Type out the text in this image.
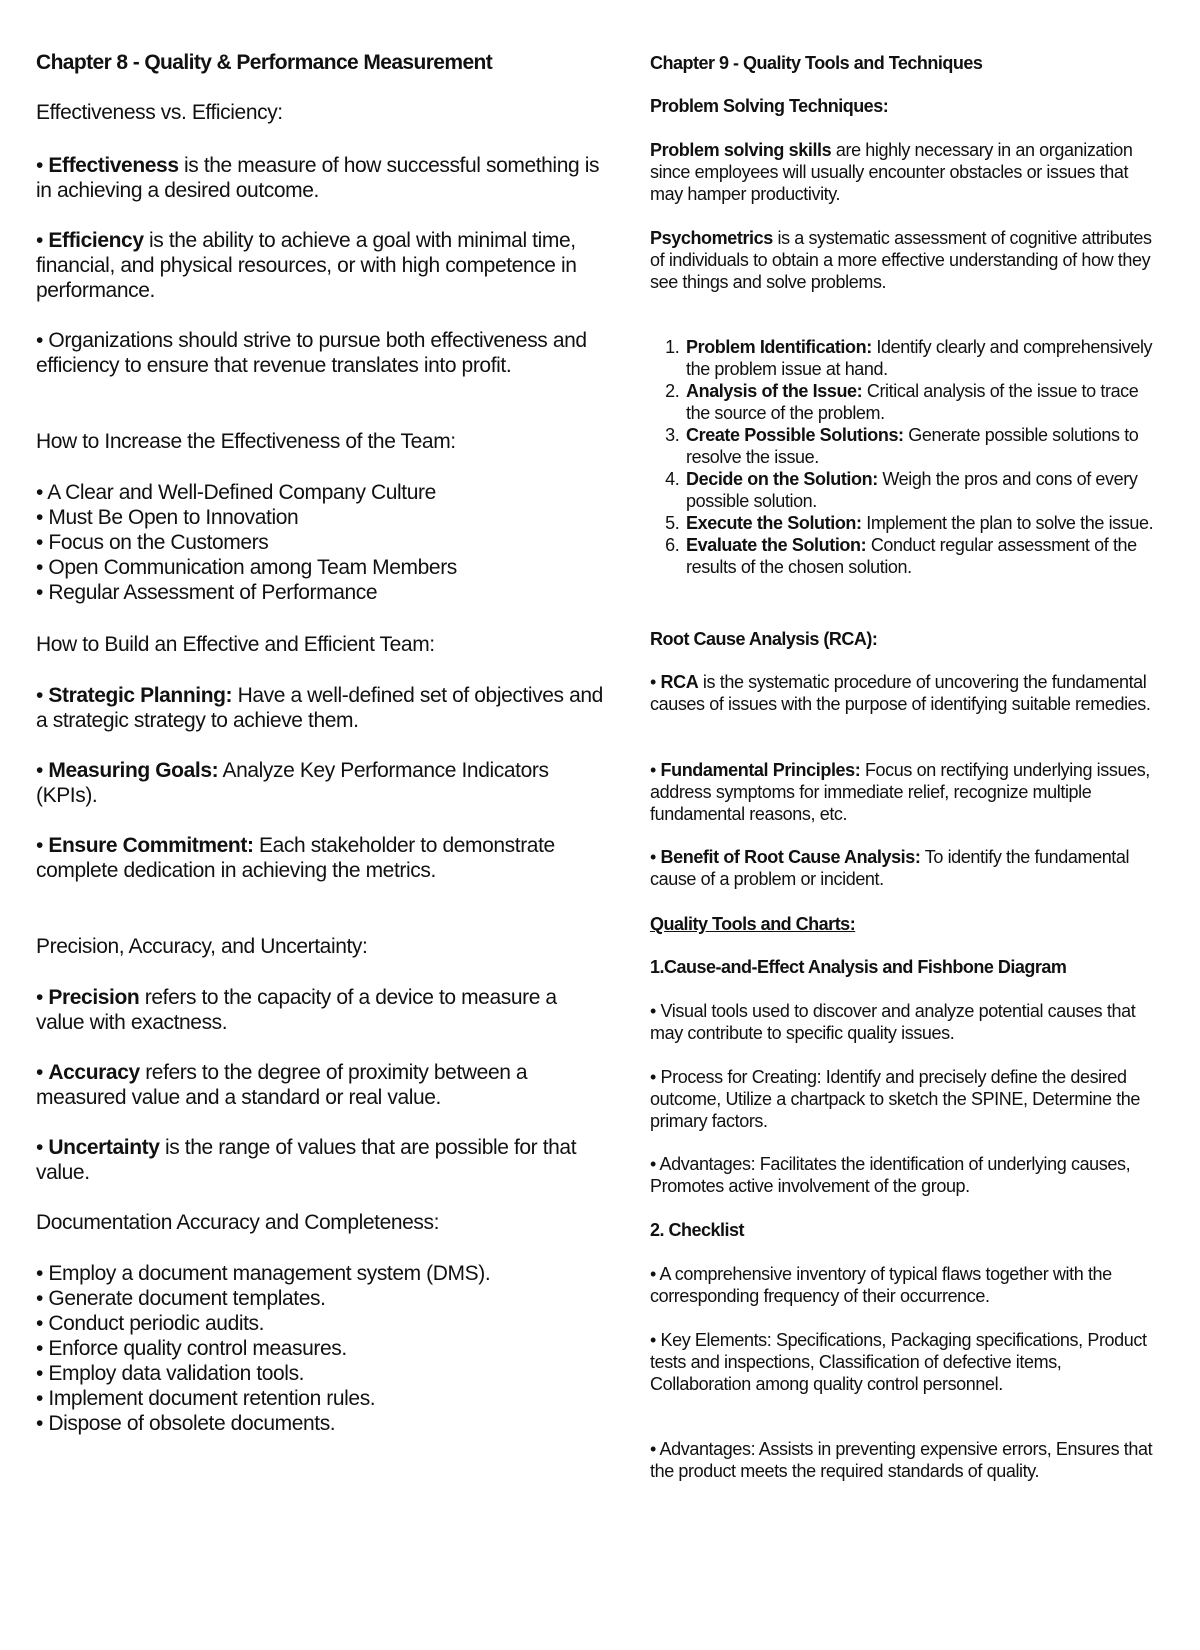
Chapter 8 - Quality & Performance Measurement
Effectiveness vs. Efficiency:

• Effectiveness is the measure of how successful something is in achieving a desired outcome.

• Efficiency is the ability to achieve a goal with minimal time, financial, and physical resources, or with high competence in performance.

• Organizations should strive to pursue both effectiveness and efficiency to ensure that revenue translates into profit.

How to Increase the Effectiveness of the Team:
• A Clear and Well-Defined Company Culture
• Must Be Open to Innovation
• Focus on the Customers
• Open Communication among Team Members
• Regular Assessment of Performance
How to Build an Effective and Efficient Team:

• Strategic Planning: Have a well-defined set of objectives and a strategic strategy to achieve them.

• Measuring Goals: Analyze Key Performance Indicators (KPIs).

• Ensure Commitment: Each stakeholder to demonstrate complete dedication in achieving the metrics.

Precision, Accuracy, and Uncertainty:

• Precision refers to the capacity of a device to measure a value with exactness.

• Accuracy refers to the degree of proximity between a measured value and a standard or real value.

• Uncertainty is the range of values that are possible for that value.

Documentation Accuracy and Completeness:
• Employ a document management system (DMS).
• Generate document templates.
• Conduct periodic audits.
• Enforce quality control measures.
• Employ data validation tools.
• Implement document retention rules.
• Dispose of obsolete documents.
Chapter 9 - Quality Tools and Techniques
Problem Solving Techniques:

Problem solving skills are highly necessary in an organization since employees will usually encounter obstacles or issues that may hamper productivity.

Psychometrics is a systematic assessment of cognitive attributes of individuals to obtain a more effective understanding of how they see things and solve problems.

1. Problem Identification: Identify clearly and comprehensively the problem issue at hand.
2. Analysis of the Issue: Critical analysis of the issue to trace the source of the problem.
3. Create Possible Solutions: Generate possible solutions to resolve the issue.
4. Decide on the Solution: Weigh the pros and cons of every possible solution.
5. Execute the Solution: Implement the plan to solve the issue.
6. Evaluate the Solution: Conduct regular assessment of the results of the chosen solution.
Root Cause Analysis (RCA):

• RCA is the systematic procedure of uncovering the fundamental causes of issues with the purpose of identifying suitable remedies.

• Fundamental Principles: Focus on rectifying underlying issues, address symptoms for immediate relief, recognize multiple fundamental reasons, etc.

• Benefit of Root Cause Analysis: To identify the fundamental cause of a problem or incident.

Quality Tools and Charts:
1.Cause-and-Effect Analysis and Fishbone Diagram

• Visual tools used to discover and analyze potential causes that may contribute to specific quality issues.

• Process for Creating: Identify and precisely define the desired outcome, Utilize a chartpack to sketch the SPINE, Determine the primary factors.

• Advantages: Facilitates the identification of underlying causes, Promotes active involvement of the group.

2. Checklist

• A comprehensive inventory of typical flaws together with the corresponding frequency of their occurrence.

• Key Elements: Specifications, Packaging specifications, Product tests and inspections, Classification of defective items, Collaboration among quality control personnel.

• Advantages: Assists in preventing expensive errors, Ensures that the product meets the required standards of quality.
